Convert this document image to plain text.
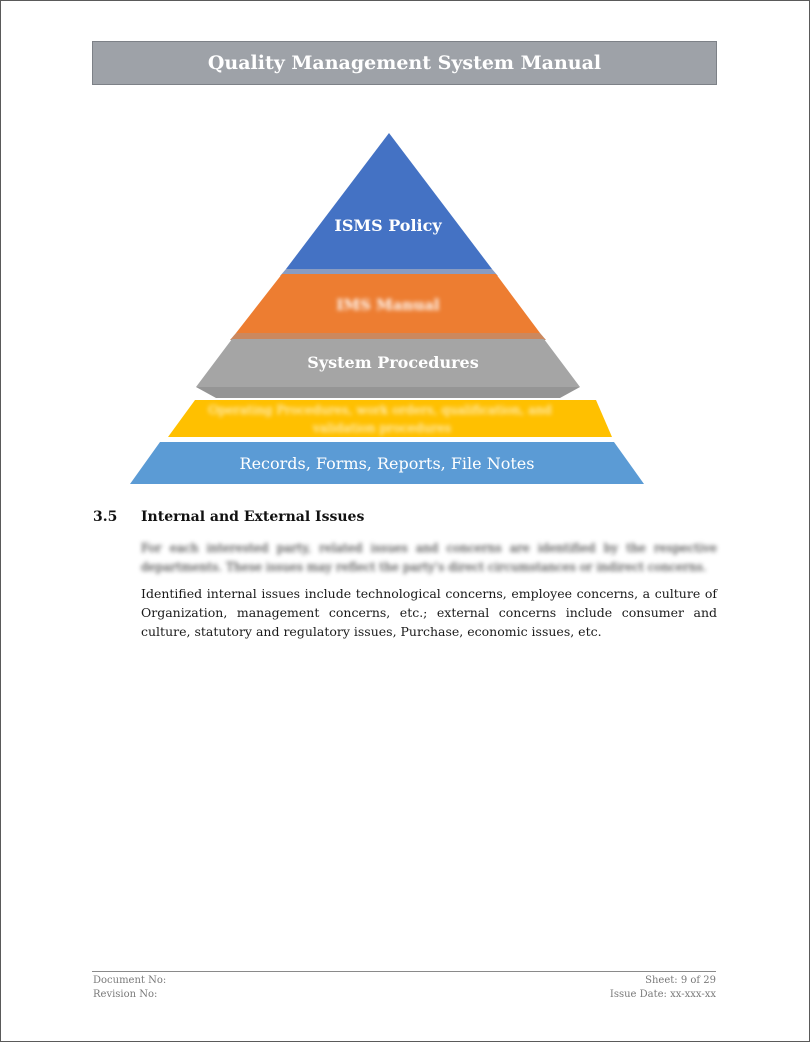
Quality Management System Manual
ISMS Policy
IMS Manual
System Procedures
Operating Procedures, work orders, qualification, and
validation procedures
Records, Forms, Reports, File Notes
3.5 Internal and External Issues
For each interested party, related issues and concerns are identified by the respective departments. These issues may reflect the party's direct circumstances or indirect concerns.
Identified internal issues include technological concerns, employee concerns, a culture of Organization, management concerns, etc.; external concerns include consumer and culture, statutory and regulatory issues, Purchase, economic issues, etc.
Document No:
Revision No:
Sheet: 9 of 29
Issue Date: xx-xxx-xx
